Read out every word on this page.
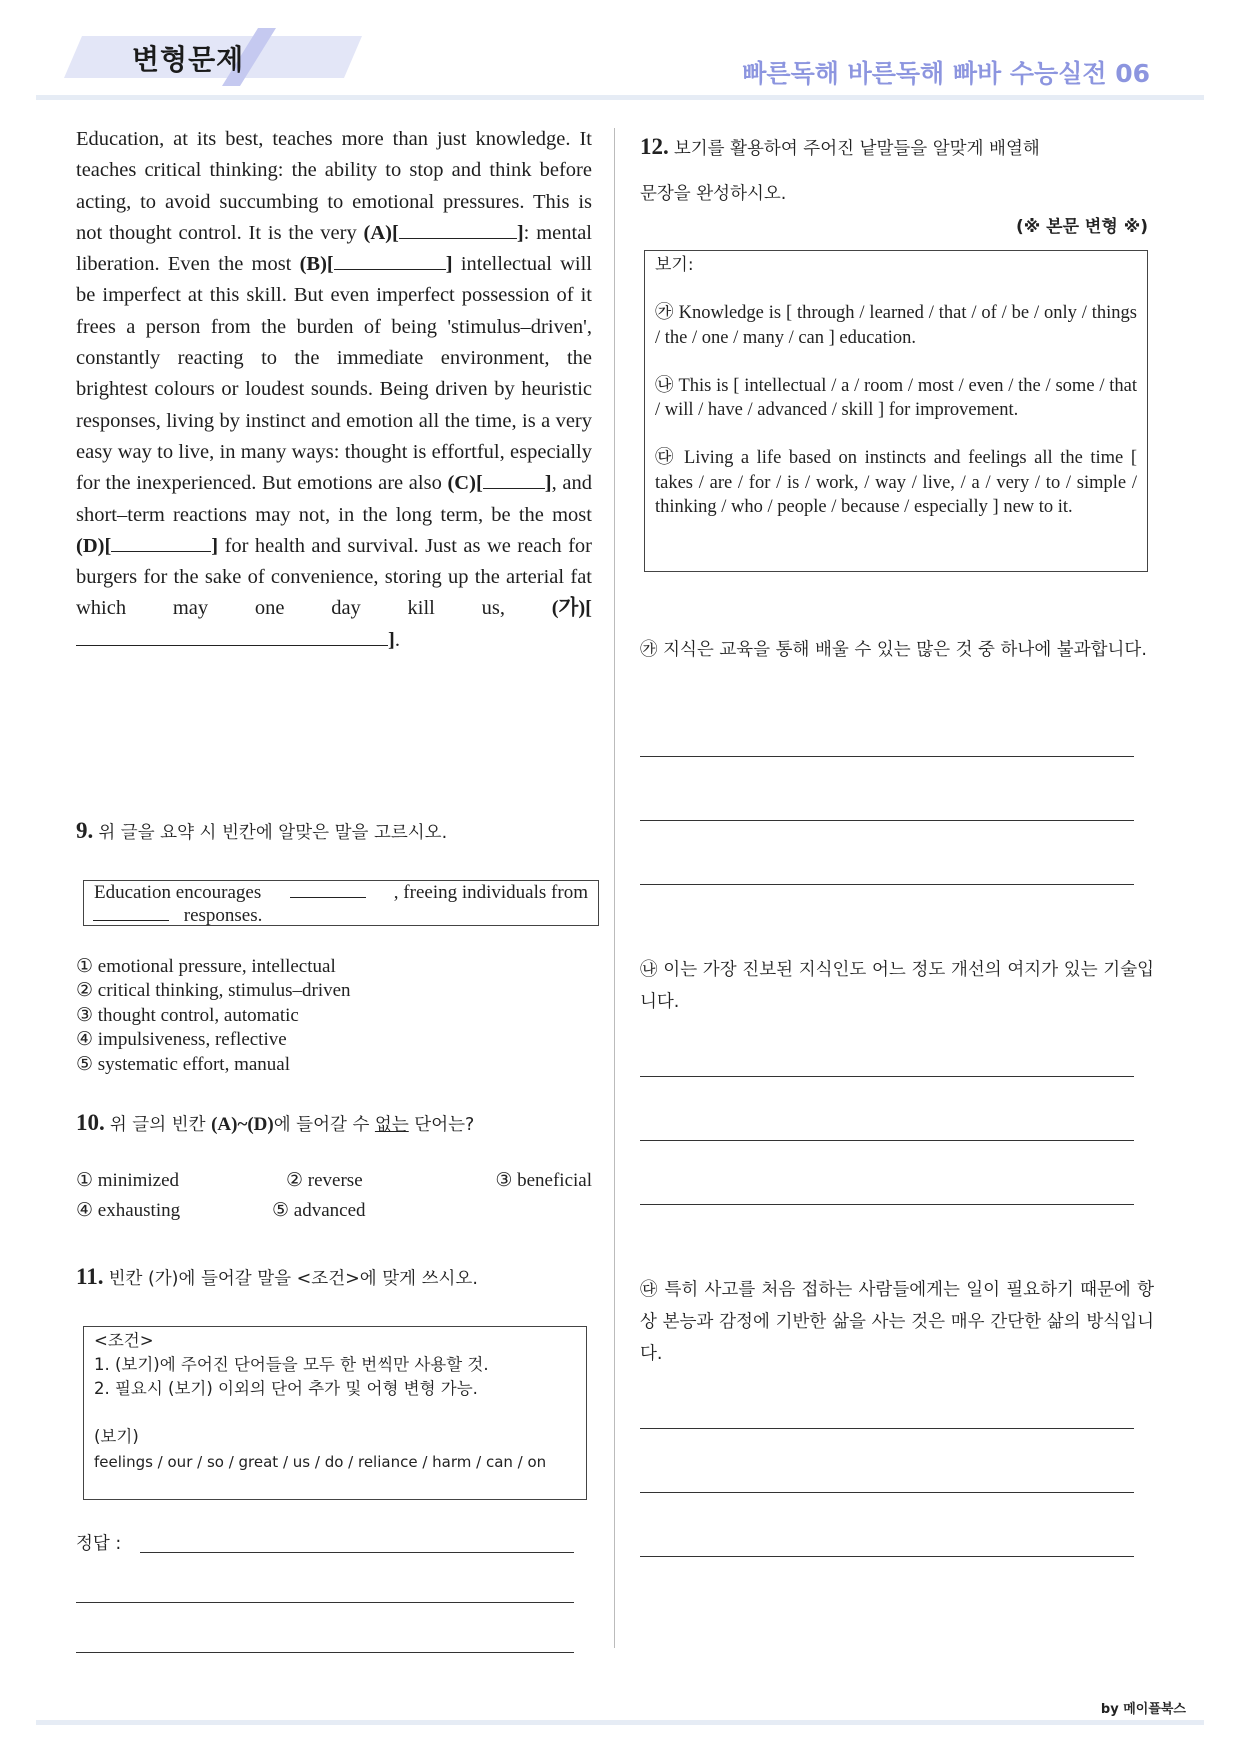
변형문제	빠른독해 바른독해 빠바 수능실전 06
Education, at its best, teaches more than just knowledge. It teaches critical thinking: the ability to stop and think before acting, to avoid succumbing to emotional pressures. This is not thought control. It is the very (A)[	]: mental liberation. Even the most (B)[	] intellectual will be imperfect at this skill. But even imperfect possession of it frees a person from the burden of being 'stimulus–driven', constantly reacting to the immediate environment, the brightest colours or loudest sounds. Being driven by heuristic responses, living by instinct and emotion all the time, is a very easy way to live, in many ways: thought is effortful, especially for the inexperienced. But emotions are also (C)[	], and short–term reactions may not, in the long term, be the most (D)[	] for health and survival. Just as we reach for burgers for the sake of convenience, storing up the arterial fat which may one day kill us, (가)[].
9. 위 글을 요약 시 빈칸에 알맞은 말을 고르시오.
Education encourages	, freeing individuals from
responses.
① emotional pressure, intellectual
② critical thinking, stimulus–driven
③ thought control, automatic
④ impulsiveness, reflective
⑤ systematic effort, manual
10. 위 글의 빈칸 (A)~(D)에 들어갈 수 없는 단어는?
① minimized	② reverse	③ beneficial
④ exhausting	⑤ advanced
11. 빈칸 (가)에 들어갈 말을 <조건>에 맞게 쓰시오.
<조건>
1. (보기)에 주어진 단어들을 모두 한 번씩만 사용할 것.
2. 필요시 (보기) 이외의 단어 추가 및 어형 변형 가능.
(보기)
feelings / our / so / great / us / do / reliance / harm / can / on
정답 :
12. 보기를 활용하여 주어진 낱말들을 알맞게 배열해
문장을 완성하시오.
(※ 본문 변형 ※)

보기:

㉮ Knowledge is [ through / learned / that / of / be / only / things / the / one / many / can ] education.

㉯ This is [ intellectual / a / room / most / even / the / some / that / will / have / advanced / skill ] for improvement.

㉰ Living a life based on instincts and feelings all the time [ takes / are / for / is / work, / way / live, / a / very / to / simple / thinking / who / people / because / especially ] new to it.

㉮ 지식은 교육을 통해 배울 수 있는 많은 것 중 하나에 불과합니다.
㉯ 이는 가장 진보된 지식인도 어느 정도 개선의 여지가 있는 기술입니다.
㉰ 특히 사고를 처음 접하는 사람들에게는 일이 필요하기 때문에 항상 본능과 감정에 기반한 삶을 사는 것은 매우 간단한 삶의 방식입니다.
by 메이플북스
